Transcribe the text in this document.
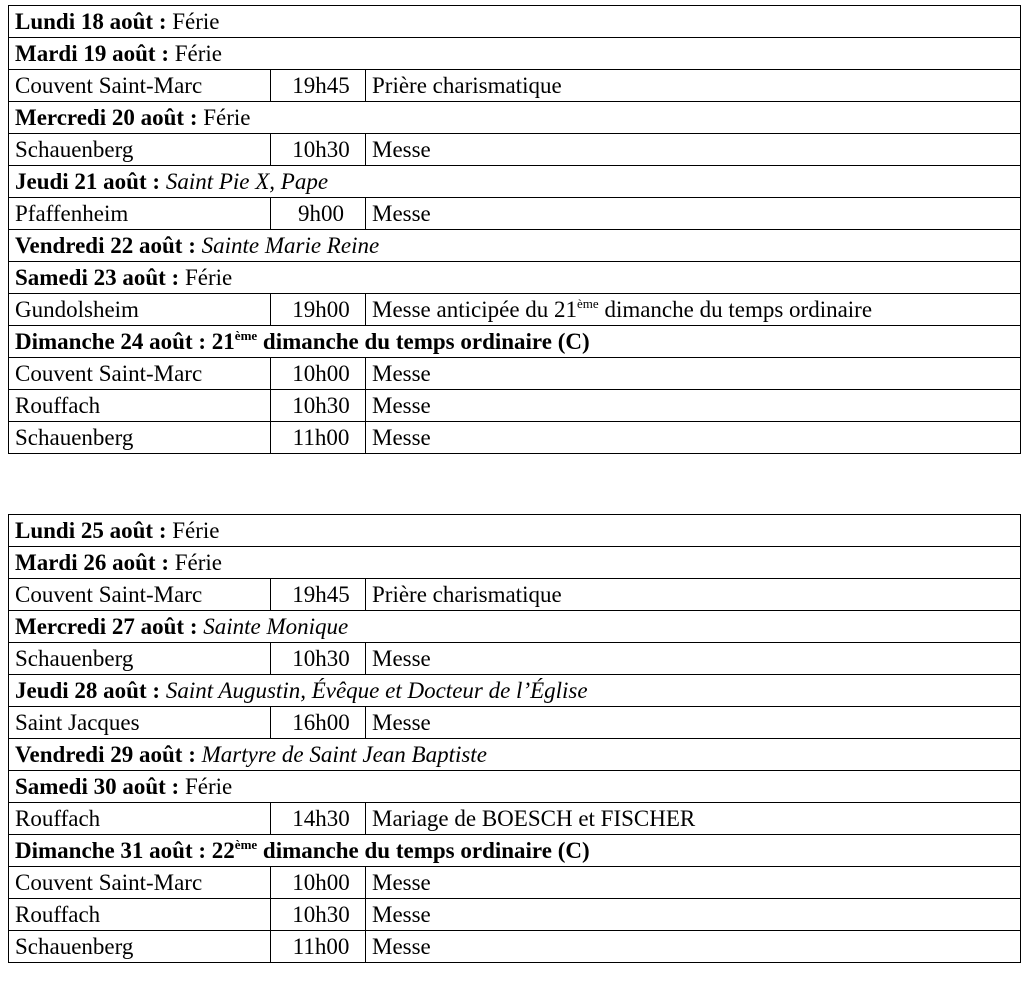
Lundi 18 août : Férie		
Mardi 19 août : Férie		
Couvent Saint-Marc	19h45	Prière charismatique
Mercredi 20 août : Férie		
Schauenberg	10h30	Messe
Jeudi 21 août : Saint Pie X, Pape		
Pfaffenheim	9h00	Messe
Vendredi 22 août : Sainte Marie Reine		
Samedi 23 août : Férie		
Gundolsheim	19h00	Messe anticipée du 21ème dimanche du temps ordinaire
Dimanche 24 août : 21ème dimanche du temps ordinaire (C)		
Couvent Saint-Marc	10h00	Messe
Rouffach	10h30	Messe
Schauenberg	11h00	Messe
Lundi 25 août : Férie		
Mardi 26 août : Férie		
Couvent Saint-Marc	19h45	Prière charismatique
Mercredi 27 août : Sainte Monique		
Schauenberg	10h30	Messe
Jeudi 28 août : Saint Augustin, Évêque et Docteur de l’Église		
Saint Jacques	16h00	Messe
Vendredi 29 août : Martyre de Saint Jean Baptiste		
Samedi 30 août : Férie		
Rouffach	14h30	Mariage de BOESCH et FISCHER
Dimanche 31 août : 22ème dimanche du temps ordinaire (C)		
Couvent Saint-Marc	10h00	Messe
Rouffach	10h30	Messe
Schauenberg	11h00	Messe
